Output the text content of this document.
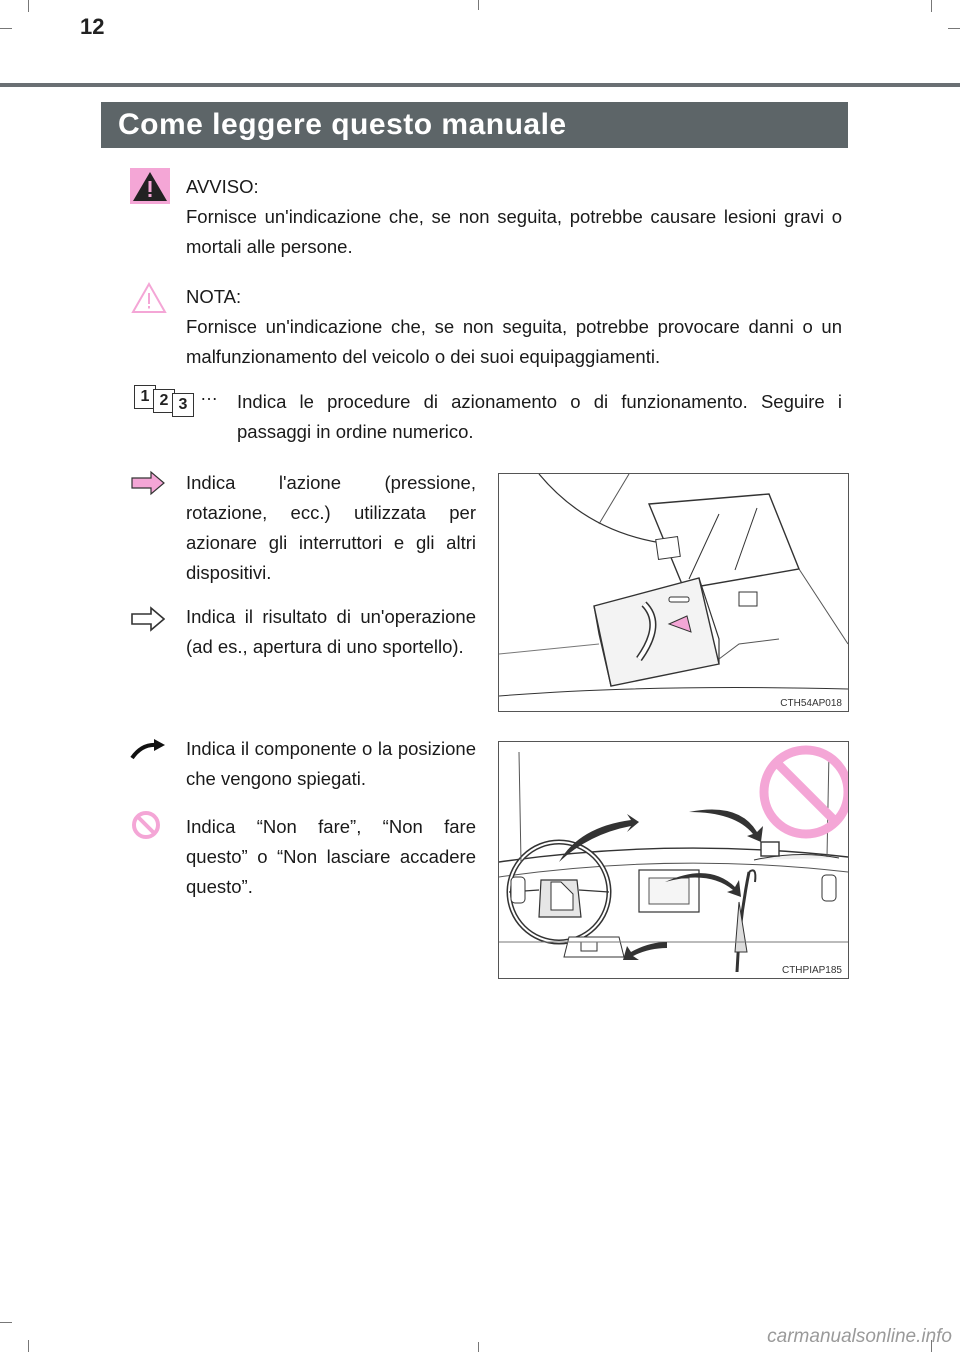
12
Come leggere questo manuale
AVVISO:
Fornisce un'indicazione che, se non seguita, potrebbe causare lesioni gravi o mortali alle persone.
NOTA:
Fornisce un'indicazione che, se non seguita, potrebbe provocare danni o un malfunzionamento del veicolo o dei suoi equipaggiamenti.
1 2 3
… Indica le procedure di azionamento o di funzionamento. Seguire i passaggi in ordine numerico.
Indica l'azione (pressione, rotazione, ecc.) utilizzata per azionare gli interruttori e gli altri dispositivi.
Indica il risultato di un'operazione (ad es., apertura di uno sportello).
CTH54AP018
Indica il componente o la posizione che vengono spiegati.
Indica “Non fare”, “Non fare questo” o “Non lasciare accadere questo”.
CTHPIAP185
carmanualsonline.info
